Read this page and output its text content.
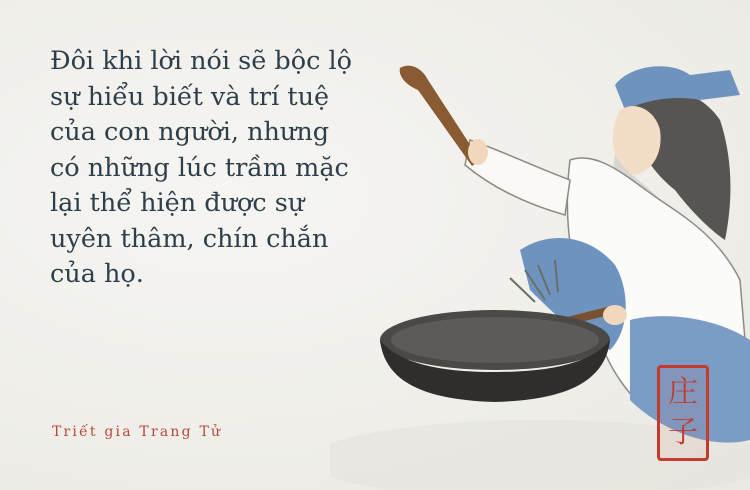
Đôi khi lời nói sẽ bộc lộ
sự hiểu biết và trí tuệ
của con người, nhưng
có những lúc trầm mặc
lại thể hiện được sự
uyên thâm, chín chắn
của họ.

Triết gia Trang Tử
庄
子
